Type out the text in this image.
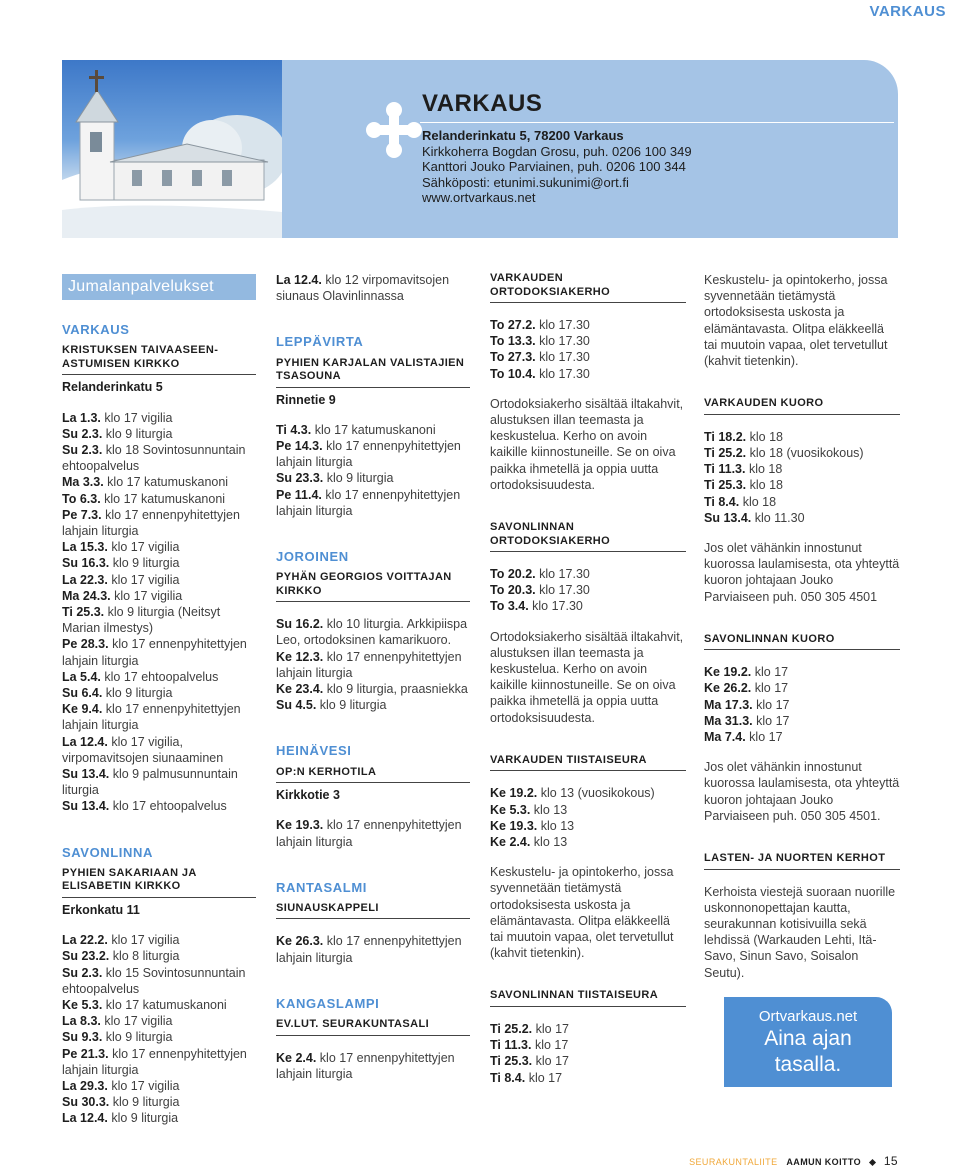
VARKAUS
VARKAUS
Relanderinkatu 5, 78200 Varkaus
Kirkkoherra Bogdan Grosu, puh. 0206 100 349
Kanttori Jouko Parviainen, puh. 0206 100 344
Sähköposti: etunimi.sukunimi@ort.fi
www.ortvarkaus.net
Jumalanpalvelukset
VARKAUS
KRISTUKSEN TAIVAASEEN-ASTUMISEN KIRKKO
Relanderinkatu 5
La 1.3. klo 17 vigilia
Su 2.3. klo 9 liturgia
Su 2.3. klo 18 Sovintosunnuntain ehtoopalvelus
Ma 3.3. klo 17 katumuskanoni
To 6.3. klo 17 katumuskanoni
Pe 7.3. klo 17 ennenpyhitettyjen lahjain liturgia
La 15.3. klo 17 vigilia
Su 16.3. klo 9 liturgia
La 22.3. klo 17 vigilia
Ma 24.3. klo 17 vigilia
Ti 25.3. klo 9 liturgia (Neitsyt Marian ilmestys)
Pe 28.3. klo 17 ennenpyhitettyjen lahjain liturgia
La 5.4. klo 17 ehtoopalvelus
Su 6.4. klo 9 liturgia
Ke 9.4. klo 17 ennenpyhitettyjen lahjain liturgia
La 12.4. klo 17 vigilia, virpomavitsojen siunaaminen
Su 13.4. klo 9 palmusunnuntain liturgia
Su 13.4. klo 17 ehtoopalvelus
SAVONLINNA
PYHIEN SAKARIAAN JA ELISABETIN KIRKKO
Erkonkatu 11
La 22.2. klo 17 vigilia
Su 23.2. klo 8 liturgia
Su 2.3. klo 15 Sovintosunnuntain ehtoopalvelus
Ke 5.3. klo 17 katumuskanoni
La 8.3. klo 17 vigilia
Su 9.3. klo 9 liturgia
Pe 21.3. klo 17 ennenpyhitettyjen lahjain liturgia
La 29.3. klo 17 vigilia
Su 30.3. klo 9 liturgia
La 12.4. klo 9 liturgia
La 12.4. klo 12 virpomavitsojen siunaus Olavinlinnassa
LEPPÄVIRTA
PYHIEN KARJALAN VALISTAJIEN TSASOUNA
Rinnetie 9
Ti 4.3. klo 17 katumuskanoni
Pe 14.3. klo 17 ennenpyhitettyjen lahjain liturgia
Su 23.3. klo 9 liturgia
Pe 11.4. klo 17 ennenpyhitettyjen lahjain liturgia
JOROINEN
PYHÄN GEORGIOS VOITTAJAN KIRKKO
Su 16.2. klo 10 liturgia. Arkkipiispa Leo, ortodoksinen kamarikuoro.
Ke 12.3. klo 17 ennenpyhitettyjen lahjain liturgia
Ke 23.4. klo 9 liturgia, praasniekka
Su 4.5. klo 9 liturgia
HEINÄVESI
OP:N KERHOTILA
Kirkkotie 3
Ke 19.3. klo 17 ennenpyhitettyjen lahjain liturgia
RANTASALMI
SIUNAUSKAPPELI
Ke 26.3. klo 17 ennenpyhitettyjen lahjain liturgia
KANGASLAMPI
EV.LUT. SEURAKUNTASALI
Ke 2.4. klo 17 ennenpyhitettyjen lahjain liturgia
VARKAUDEN ORTODOKSIAKERHO
To 27.2. klo 17.30
To 13.3. klo 17.30
To 27.3. klo 17.30
To 10.4. klo 17.30
Ortodoksiakerho sisältää iltakahvit, alustuksen illan teemasta ja keskustelua. Kerho on avoin kaikille kiinnostuneille. Se on oiva paikka ihmetellä ja oppia uutta ortodoksisuudesta.
SAVONLINNAN ORTODOKSIAKERHO
To 20.2. klo 17.30
To 20.3. klo 17.30
To 3.4. klo 17.30
Ortodoksiakerho sisältää iltakahvit, alustuksen illan teemasta ja keskustelua. Kerho on avoin kaikille kiinnostuneille. Se on oiva paikka ihmetellä ja oppia uutta ortodoksisuudesta.
VARKAUDEN TIISTAISEURA
Ke 19.2. klo 13 (vuosikokous)
Ke 5.3. klo 13
Ke 19.3. klo 13
Ke 2.4. klo 13
Keskustelu- ja opintokerho, jossa syvennetään tietämystä ortodoksisesta uskosta ja elämäntavasta. Olitpa eläkkeellä tai muutoin vapaa, olet tervetullut (kahvit tietenkin).
SAVONLINNAN TIISTAISEURA
Ti 25.2. klo 17
Ti 11.3. klo 17
Ti 25.3. klo 17
Ti 8.4. klo 17
Keskustelu- ja opintokerho, jossa syvennetään tietämystä ortodoksisesta uskosta ja elämäntavasta. Olitpa eläkkeellä tai muutoin vapaa, olet tervetullut (kahvit tietenkin).
VARKAUDEN KUORO
Ti 18.2. klo 18
Ti 25.2. klo 18 (vuosikokous)
Ti 11.3. klo 18
Ti 25.3. klo 18
Ti 8.4. klo 18
Su 13.4. klo 11.30
Jos olet vähänkin innostunut kuorossa laulamisesta, ota yhteyttä kuoron johtajaan Jouko Parviaiseen puh. 050 305 4501
SAVONLINNAN KUORO
Ke 19.2. klo 17
Ke 26.2. klo 17
Ma 17.3. klo 17
Ma 31.3. klo 17
Ma 7.4. klo 17
Jos olet vähänkin innostunut kuorossa laulamisesta, ota yhteyttä kuoron johtajaan Jouko Parviaiseen puh. 050 305 4501.
LASTEN- JA NUORTEN KERHOT
Kerhoista viestejä suoraan nuorille uskonnonopettajan kautta, seurakunnan kotisivuilla sekä lehdissä (Warkauden Lehti, Itä-Savo, Sinun Savo, Soisalon Seutu).
Ortvarkaus.net
Aina ajan
tasalla.
SEURAKUNTALIITE AAMUN KOITTO 15
